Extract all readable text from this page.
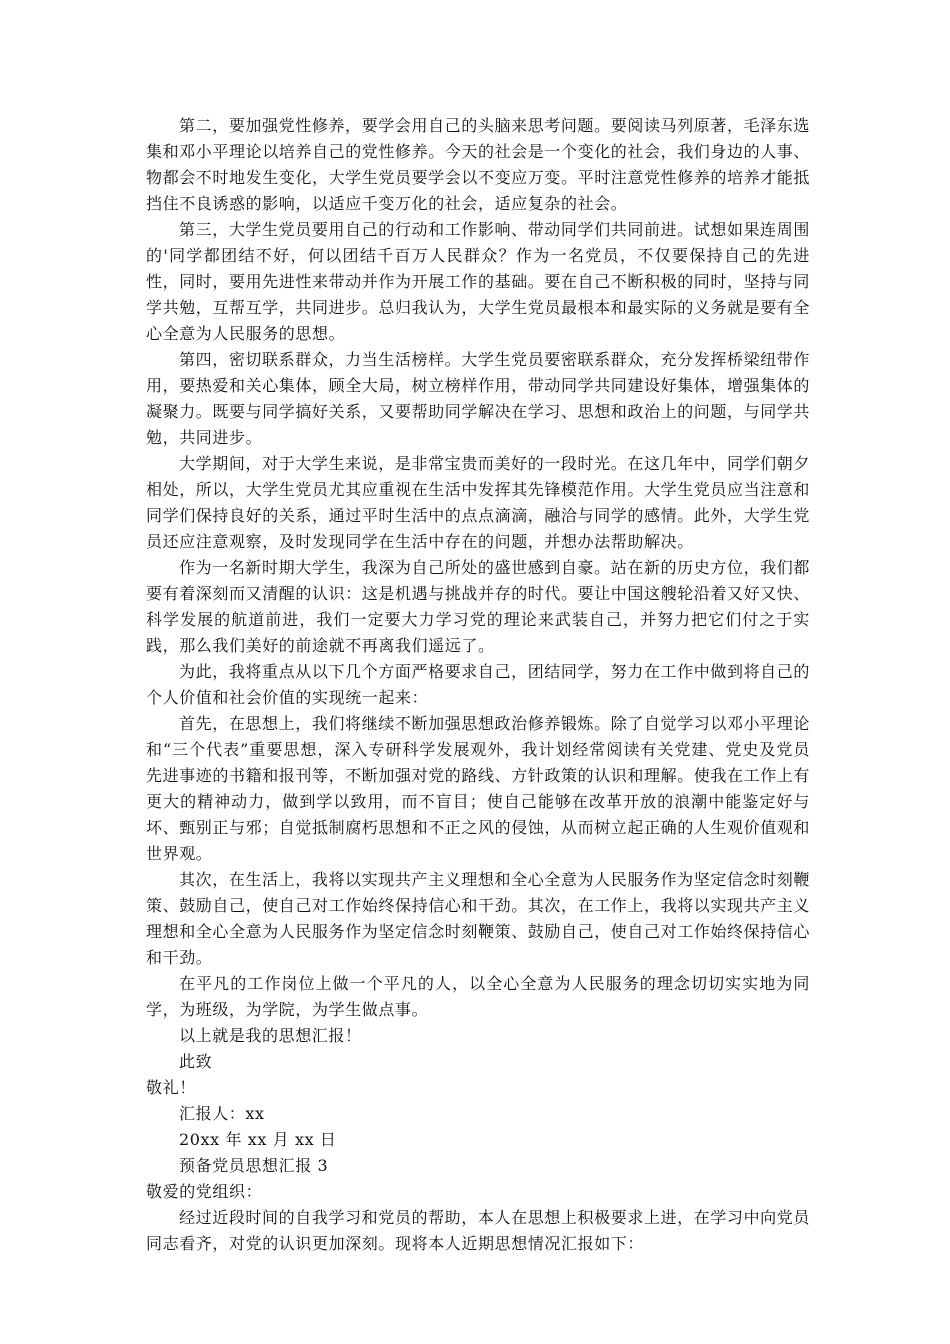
第二，要加强党性修养，要学会用自己的头脑来思考问题。要阅读马列原著，毛泽东选集和邓小平理论以培养自己的党性修养。今天的社会是一个变化的社会，我们身边的人事、物都会不时地发生变化，大学生党员要学会以不变应万变。平时注意党性修养的培养才能抵挡住不良诱惑的影响，以适应千变万化的社会，适应复杂的社会。

第三，大学生党员要用自己的行动和工作影响、带动同学们共同前进。试想如果连周围的'同学都团结不好，何以团结千百万人民群众？作为一名党员，不仅要保持自己的先进性，同时，要用先进性来带动并作为开展工作的基础。要在自己不断积极的同时，坚持与同学共勉，互帮互学，共同进步。总归我认为，大学生党员最根本和最实际的义务就是要有全心全意为人民服务的思想。

第四，密切联系群众，力当生活榜样。大学生党员要密联系群众，充分发挥桥梁纽带作用，要热爱和关心集体，顾全大局，树立榜样作用，带动同学共同建设好集体，增强集体的凝聚力。既要与同学搞好关系，又要帮助同学解决在学习、思想和政治上的问题，与同学共勉，共同进步。

大学期间，对于大学生来说，是非常宝贵而美好的一段时光。在这几年中，同学们朝夕相处，所以，大学生党员尤其应重视在生活中发挥其先锋模范作用。大学生党员应当注意和同学们保持良好的关系，通过平时生活中的点点滴滴，融洽与同学的感情。此外，大学生党员还应注意观察，及时发现同学在生活中存在的问题，并想办法帮助解决。

作为一名新时期大学生，我深为自己所处的盛世感到自豪。站在新的历史方位，我们都要有着深刻而又清醒的认识：这是机遇与挑战并存的时代。要让中国这艘轮沿着又好又快、科学发展的航道前进，我们一定要大力学习党的理论来武装自己，并努力把它们付之于实践，那么我们美好的前途就不再离我们遥远了。

为此，我将重点从以下几个方面严格要求自己，团结同学，努力在工作中做到将自己的个人价值和社会价值的实现统一起来：

首先，在思想上，我们将继续不断加强思想政治修养锻炼。除了自觉学习以邓小平理论和“三个代表”重要思想，深入专研科学发展观外，我计划经常阅读有关党建、党史及党员先进事迹的书籍和报刊等，不断加强对党的路线、方针政策的认识和理解。使我在工作上有更大的精神动力，做到学以致用，而不盲目；使自己能够在改革开放的浪潮中能鉴定好与坏、甄别正与邪；自觉抵制腐朽思想和不正之风的侵蚀，从而树立起正确的人生观价值观和世界观。

其次，在生活上，我将以实现共产主义理想和全心全意为人民服务作为坚定信念时刻鞭策、鼓励自己，使自己对工作始终保持信心和干劲。其次，在工作上，我将以实现共产主义理想和全心全意为人民服务作为坚定信念时刻鞭策、鼓励自己，使自己对工作始终保持信心和干劲。

在平凡的工作岗位上做一个平凡的人，以全心全意为人民服务的理念切切实实地为同学，为班级，为学院，为学生做点事。

以上就是我的思想汇报！

此致

敬礼！

汇报人：xx

20xx 年 xx 月 xx 日

预备党员思想汇报 3

敬爱的党组织：

经过近段时间的自我学习和党员的帮助，本人在思想上积极要求上进，在学习中向党员同志看齐，对党的认识更加深刻。现将本人近期思想情况汇报如下：
